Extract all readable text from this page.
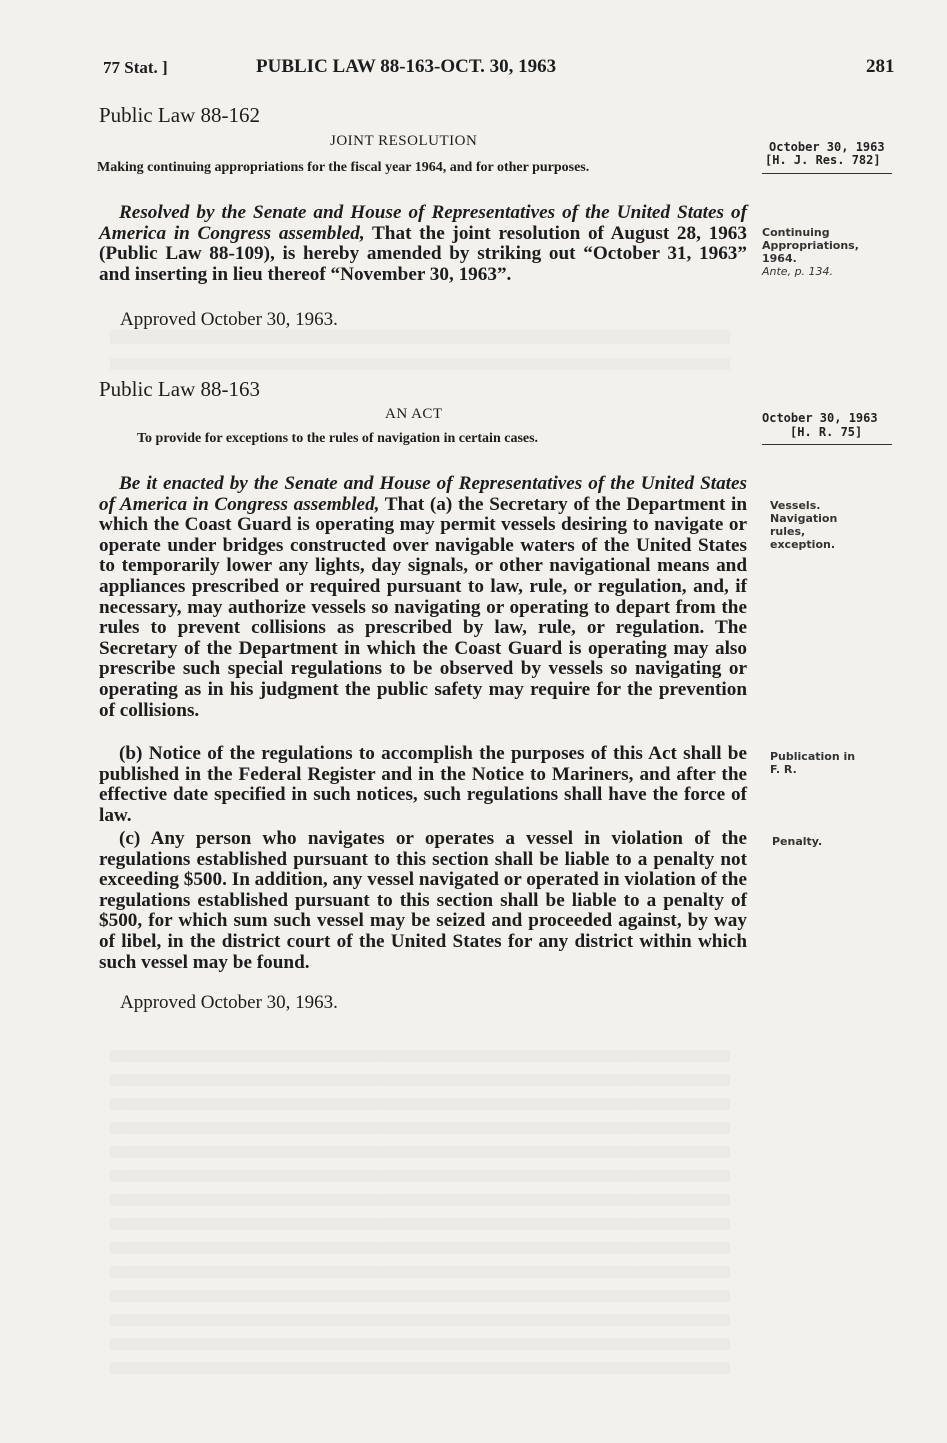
77 Stat. ]	PUBLIC LAW 88-163-OCT. 30, 1963	281
Public Law 88-162
JOINT RESOLUTION
Making continuing appropriations for the fiscal year 1964, and for other purposes.
October 30, 1963
[H. J. Res. 782]
Resolved by the Senate and House of Representatives of the United States of America in Congress assembled, That the joint resolution of August 28, 1963 (Public Law 88-109), is hereby amended by striking out “October 31, 1963” and inserting in lieu thereof “November 30, 1963”.
Approved October 30, 1963.
Continuing Appropriations, 1964.
Ante, p. 134.
Public Law 88-163
AN ACT
To provide for exceptions to the rules of navigation in certain cases.
October 30, 1963
[H. R. 75]
Be it enacted by the Senate and House of Representatives of the United States of America in Congress assembled, That (a) the Secretary of the Department in which the Coast Guard is operating may permit vessels desiring to navigate or operate under bridges constructed over navigable waters of the United States to temporarily lower any lights, day signals, or other navigational means and appliances prescribed or required pursuant to law, rule, or regulation, and, if necessary, may authorize vessels so navigating or operating to depart from the rules to prevent collisions as prescribed by law, rule, or regulation. The Secretary of the Department in which the Coast Guard is operating may also prescribe such special regulations to be observed by vessels so navigating or operating as in his judgment the public safety may require for the prevention of collisions.
(b) Notice of the regulations to accomplish the purposes of this Act shall be published in the Federal Register and in the Notice to Mariners, and after the effective date specified in such notices, such regulations shall have the force of law.
(c) Any person who navigates or operates a vessel in violation of the regulations established pursuant to this section shall be liable to a penalty not exceeding $500. In addition, any vessel navigated or operated in violation of the regulations established pursuant to this section shall be liable to a penalty of $500, for which sum such vessel may be seized and proceeded against, by way of libel, in the district court of the United States for any district within which such vessel may be found.
Approved October 30, 1963.
Vessels. Navigation rules, exception.
Publication in F. R.
Penalty.
